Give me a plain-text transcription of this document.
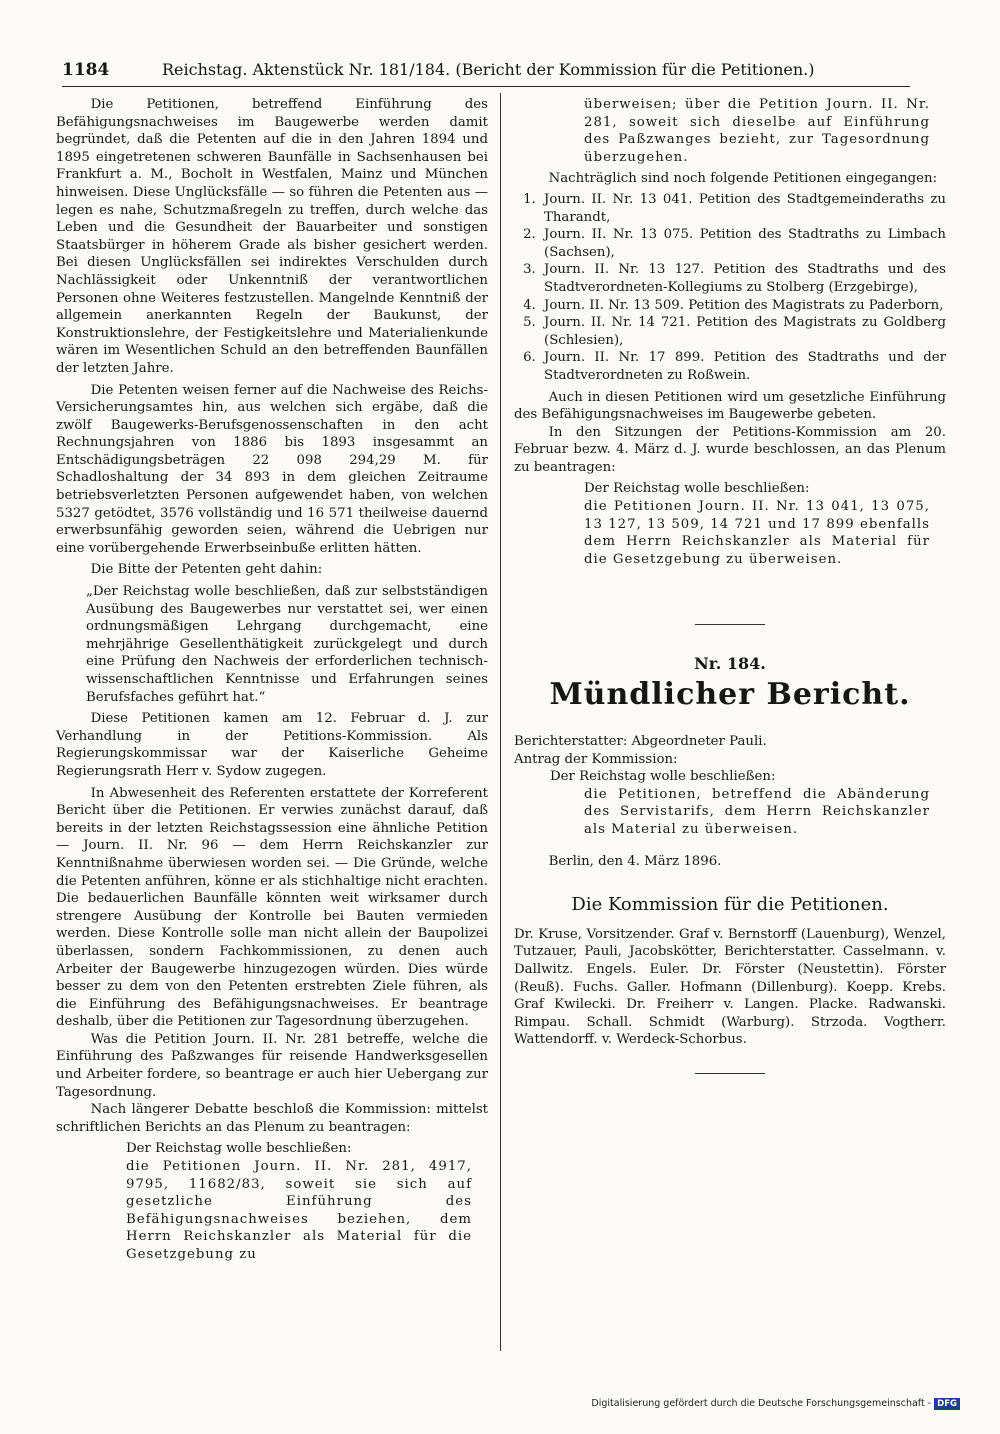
1184	Reichstag. Aktenstück Nr. 181/184. (Bericht der Kommission für die Petitionen.)

Die Petitionen, betreffend Einführung des Befähigungsnachweises im Baugewerbe werden damit begründet, daß die Petenten auf die in den Jahren 1894 und 1895 eingetretenen schweren Baunfälle in Sachsenhausen bei Frankfurt a. M., Bocholt in Westfalen, Mainz und München hinweisen. Diese Unglücksfälle — so führen die Petenten aus — legen es nahe, Schutzmaßregeln zu treffen, durch welche das Leben und die Gesundheit der Bauarbeiter und sonstigen Staatsbürger in höherem Grade als bisher gesichert werden. Bei diesen Unglücksfällen sei indirektes Verschulden durch Nachlässigkeit oder Unkenntniß der verantwortlichen Personen ohne Weiteres festzustellen. Mangelnde Kenntniß der allgemein anerkannten Regeln der Baukunst, der Konstruktionslehre, der Festigkeitslehre und Materialienkunde wären im Wesentlichen Schuld an den betreffenden Baunfällen der letzten Jahre.

Die Petenten weisen ferner auf die Nachweise des Reichs-Versicherungsamtes hin, aus welchen sich ergäbe, daß die zwölf Baugewerks-Berufsgenossenschaften in den acht Rechnungsjahren von 1886 bis 1893 insgesammt an Entschädigungsbeträgen 22 098 294,29 M. für Schadloshaltung der 34 893 in dem gleichen Zeitraume betriebsverletzten Personen aufgewendet haben, von welchen 5327 getödtet, 3576 vollständig und 16 571 theilweise dauernd erwerbsunfähig geworden seien, während die Uebrigen nur eine vorübergehende Erwerbseinbuße erlitten hätten.

Die Bitte der Petenten geht dahin:

„Der Reichstag wolle beschließen, daß zur selbstständigen Ausübung des Baugewerbes nur verstattet sei, wer einen ordnungsmäßigen Lehrgang durchgemacht, eine mehrjährige Gesellenthätigkeit zurückgelegt und durch eine Prüfung den Nachweis der erforderlichen technisch-wissenschaftlichen Kenntnisse und Erfahrungen seines Berufsfaches geführt hat.“

Diese Petitionen kamen am 12. Februar d. J. zur Verhandlung in der Petitions-Kommission. Als Regierungskommissar war der Kaiserliche Geheime Regierungsrath Herr v. Sydow zugegen.

In Abwesenheit des Referenten erstattete der Korreferent Bericht über die Petitionen. Er verwies zunächst darauf, daß bereits in der letzten Reichstagssession eine ähnliche Petition — Journ. II. Nr. 96 — dem Herrn Reichskanzler zur Kenntnißnahme überwiesen worden sei. — Die Gründe, welche die Petenten anführen, könne er als stichhaltige nicht erachten. Die bedauerlichen Baunfälle könnten weit wirksamer durch strengere Ausübung der Kontrolle bei Bauten vermieden werden. Diese Kontrolle solle man nicht allein der Baupolizei überlassen, sondern Fachkommissionen, zu denen auch Arbeiter der Baugewerbe hinzugezogen würden. Dies würde besser zu dem von den Petenten erstrebten Ziele führen, als die Einführung des Befähigungsnachweises. Er beantrage deshalb, über die Petitionen zur Tagesordnung überzugehen.

Was die Petition Journ. II. Nr. 281 betreffe, welche die Einführung des Paßzwanges für reisende Handwerksgesellen und Arbeiter fordere, so beantrage er auch hier Uebergang zur Tagesordnung.

Nach längerer Debatte beschloß die Kommission: mittelst schriftlichen Berichts an das Plenum zu beantragen:

Der Reichstag wolle beschließen:

die Petitionen Journ. II. Nr. 281, 4917, 9795, 11682/83, soweit sie sich auf gesetzliche Einführung des Befähigungsnachweises beziehen, dem Herrn Reichskanzler als Material für die Gesetzgebung zu

überweisen; über die Petition Journ. II. Nr. 281, soweit sich dieselbe auf Einführung des Paßzwanges bezieht, zur Tagesordnung überzugehen.

Nachträglich sind noch folgende Petitionen eingegangen:

1. Journ. II. Nr. 13 041. Petition des Stadtgemeinderaths zu Tharandt,
2. Journ. II. Nr. 13 075. Petition des Stadtraths zu Limbach (Sachsen),
3. Journ. II. Nr. 13 127. Petition des Stadtraths und des Stadtverordneten-Kollegiums zu Stolberg (Erzgebirge),
4. Journ. II. Nr. 13 509. Petition des Magistrats zu Paderborn,
5. Journ. II. Nr. 14 721. Petition des Magistrats zu Goldberg (Schlesien),
6. Journ. II. Nr. 17 899. Petition des Stadtraths und der Stadtverordneten zu Roßwein.

Auch in diesen Petitionen wird um gesetzliche Einführung des Befähigungsnachweises im Baugewerbe gebeten.

In den Sitzungen der Petitions-Kommission am 20. Februar bezw. 4. März d. J. wurde beschlossen, an das Plenum zu beantragen:

Der Reichstag wolle beschließen:

die Petitionen Journ. II. Nr. 13 041, 13 075, 13 127, 13 509, 14 721 und 17 899 ebenfalls dem Herrn Reichskanzler als Material für die Gesetzgebung zu überweisen.

Nr. 184.

Mündlicher Bericht.

Berichterstatter: Abgeordneter Pauli.

Antrag der Kommission:

Der Reichstag wolle beschließen:

die Petitionen, betreffend die Abänderung des Servistarifs, dem Herrn Reichskanzler als Material zu überweisen.

Berlin, den 4. März 1896.

Die Kommission für die Petitionen.

Dr. Kruse, Vorsitzender. Graf v. Bernstorff (Lauenburg), Wenzel, Tutzauer, Pauli, Jacobskötter, Berichterstatter. Casselmann. v. Dallwitz. Engels. Euler. Dr. Förster (Neustettin). Förster (Reuß). Fuchs. Galler. Hofmann (Dillenburg). Koepp. Krebs. Graf Kwilecki. Dr. Freiherr v. Langen. Placke. Radwanski. Rimpau. Schall. Schmidt (Warburg). Strzoda. Vogtherr. Wattendorff. v. Werdeck-Schorbus.

Digitalisierung gefördert durch die Deutsche Forschungsgemeinschaft - DFG
